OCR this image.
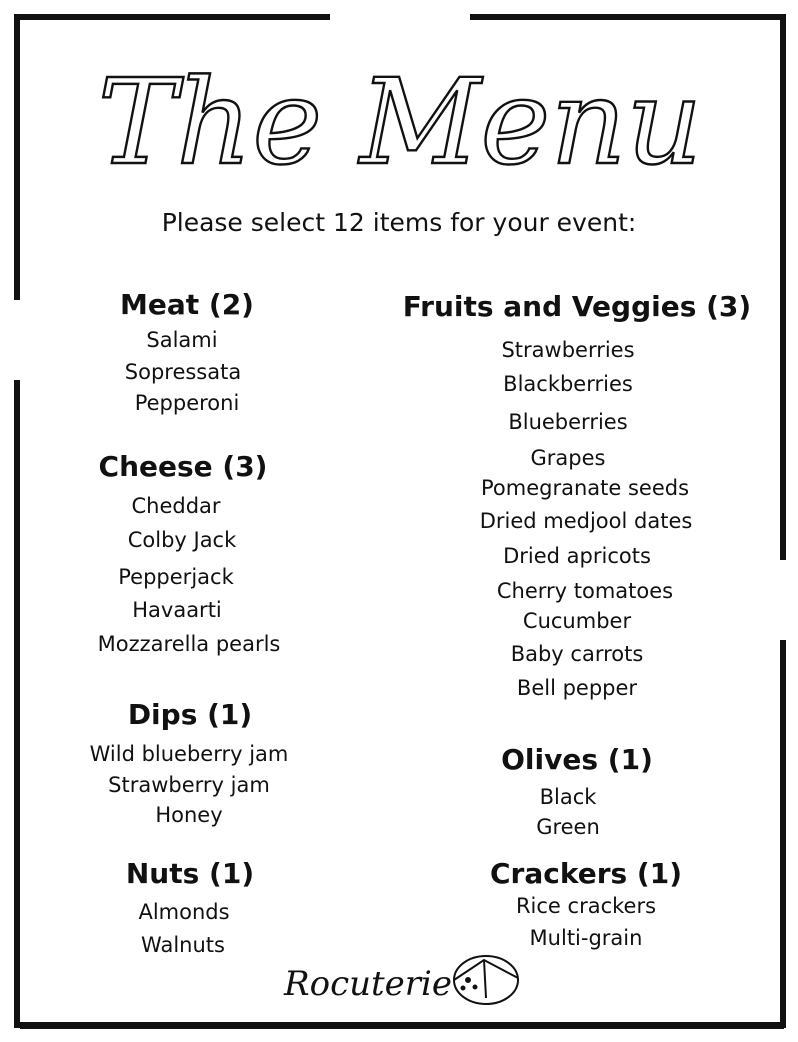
The Menu
Please select 12 items for your event:
Meat (2)
Salami
Sopressata
Pepperoni
Cheese (3)
Cheddar
Colby Jack
Pepperjack
Havaarti
Mozzarella pearls
Dips (1)
Wild blueberry jam
Strawberry jam
Honey
Nuts (1)
Almonds
Walnuts
Fruits and Veggies (3)
Strawberries
Blackberries
Blueberries
Grapes
Pomegranate seeds
Dried medjool dates
Dried apricots
Cherry tomatoes
Cucumber
Baby carrots
Bell pepper
Olives (1)
Black
Green
Crackers (1)
Rice crackers
Multi-grain
Rocuterie
